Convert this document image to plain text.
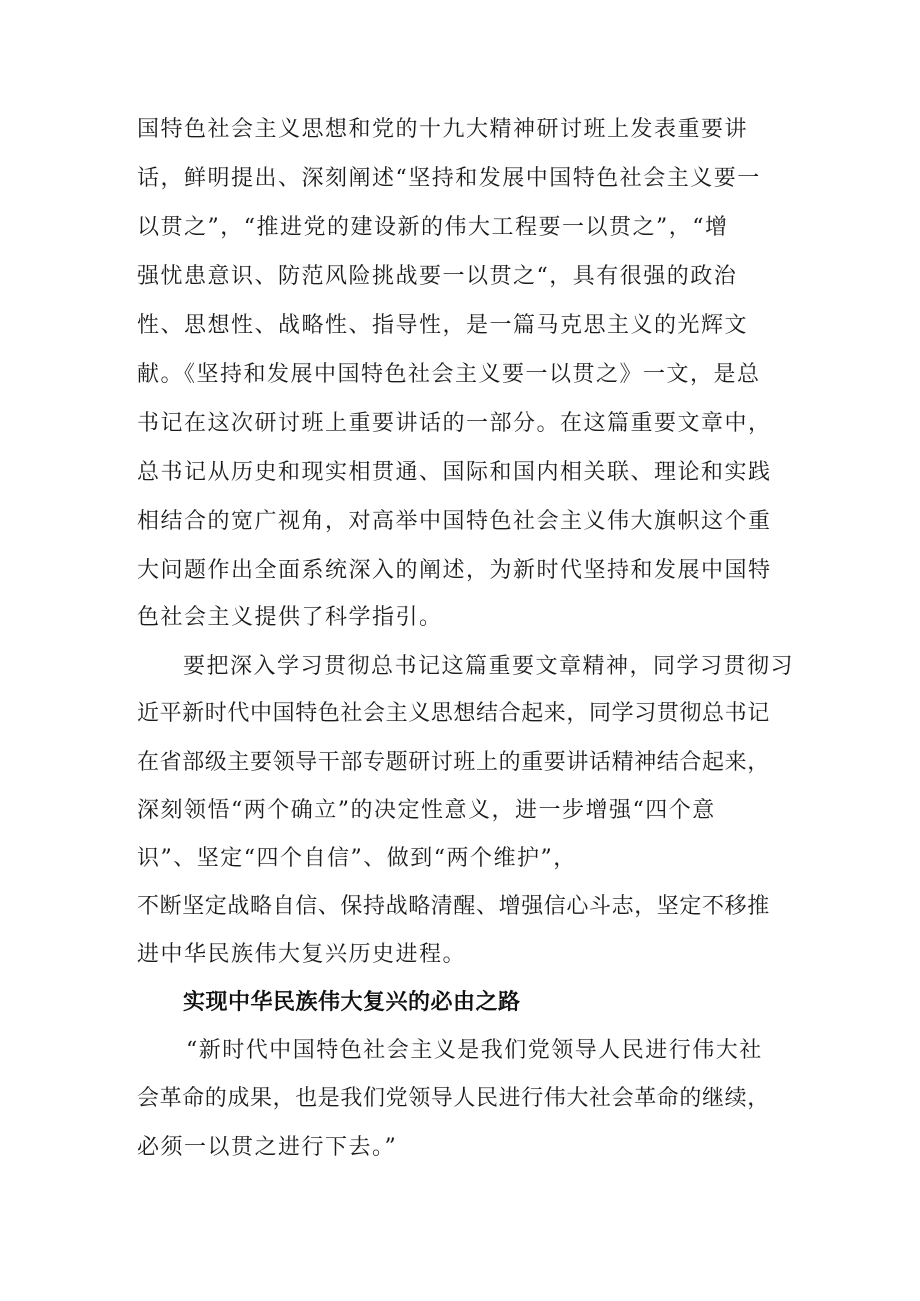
国特色社会主义思想和党的十九大精神研讨班上发表重要讲

话，鲜明提出、深刻阐述“坚持和发展中国特色社会主义要一

以贯之”，“推进党的建设新的伟大工程要一以贯之”，“增

强忧患意识、防范风险挑战要一以贯之“，具有很强的政治

性、思想性、战略性、指导性，是一篇马克思主义的光辉文

献。《坚持和发展中国特色社会主义要一以贯之》一文，是总

书记在这次研讨班上重要讲话的一部分。在这篇重要文章中，

总书记从历史和现实相贯通、国际和国内相关联、理论和实践

相结合的宽广视角，对高举中国特色社会主义伟大旗帜这个重

大问题作出全面系统深入的阐述，为新时代坚持和发展中国特

色社会主义提供了科学指引。

要把深入学习贯彻总书记这篇重要文章精神，同学习贯彻习

近平新时代中国特色社会主义思想结合起来，同学习贯彻总书记

在省部级主要领导干部专题研讨班上的重要讲话精神结合起来，

深刻领悟“两个确立”的决定性意义，进一步增强“四个意

识”、坚定“四个自信”、做到“两个维护”，

不断坚定战略自信、保持战略清醒、增强信心斗志，坚定不移推

进中华民族伟大复兴历史进程。

实现中华民族伟大复兴的必由之路

“新时代中国特色社会主义是我们党领导人民进行伟大社

会革命的成果，也是我们党领导人民进行伟大社会革命的继续，

必须一以贯之进行下去。”
